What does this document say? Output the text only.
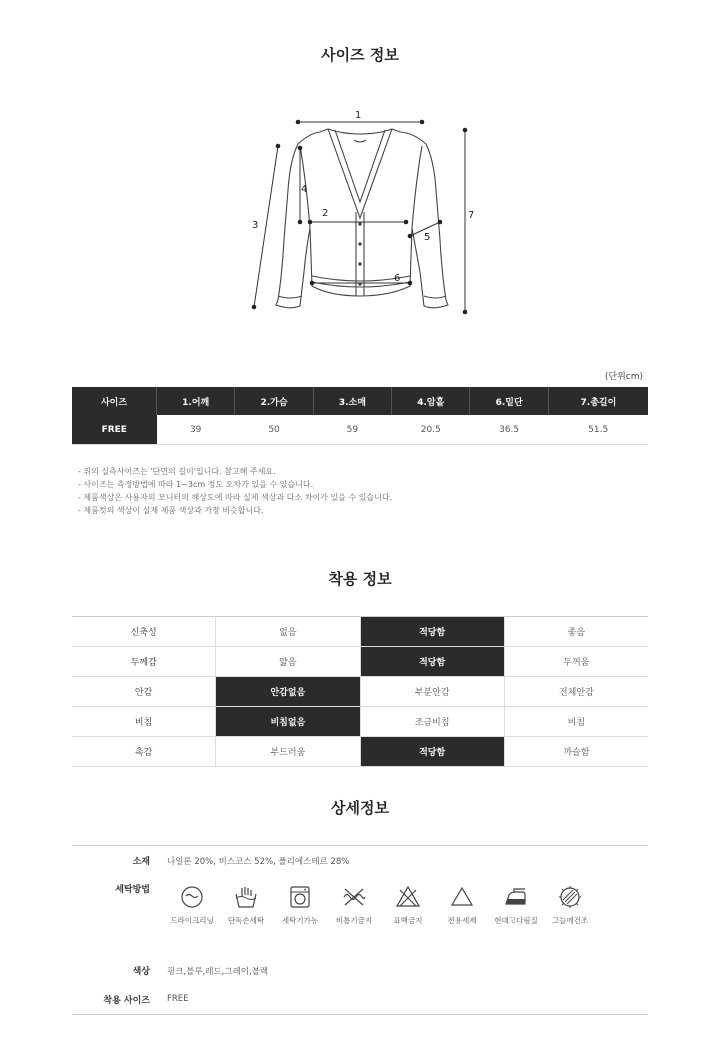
사이즈 정보
1
2
3
4
5
6
7
(단위cm)
사이즈	1.어깨	2.가슴	3.소매	4.암홀	6.밑단	7.총길이
FREE	39	50	59	20.5	36.5	51.5
- 위의 실측사이즈는 '단면의 길이'입니다. 참고해 주세요.
- 사이즈는 측정방법에 따라 1~3cm 정도 오차가 있을 수 있습니다.
- 제품색상은 사용자의 모니터의 해상도에 따라 실제 색상과 다소 차이가 있을 수 있습니다.
- 제품컷의 색상이 실제 제품 색상과 가장 비슷합니다.
착용 정보
신축성	없음	적당함	좋음
두께감	얇음	적당함	두꺼움
안감	안감없음	부분안감	전체안감
비침	비침없음	조금비침	비침
촉감	부드러움	적당함	까슬함
상세정보
소재 나일론 20%, 비스코스 52%, 폴리에스테르 28%
세탁방법
드라이크리닝	단독손세탁	세탁기가능	비틀기금지	표백금지	전용세제	현대고다림질	그늘에건조
색상 핑크,블루,레드,그레이,블랙
착용 사이즈 FREE
